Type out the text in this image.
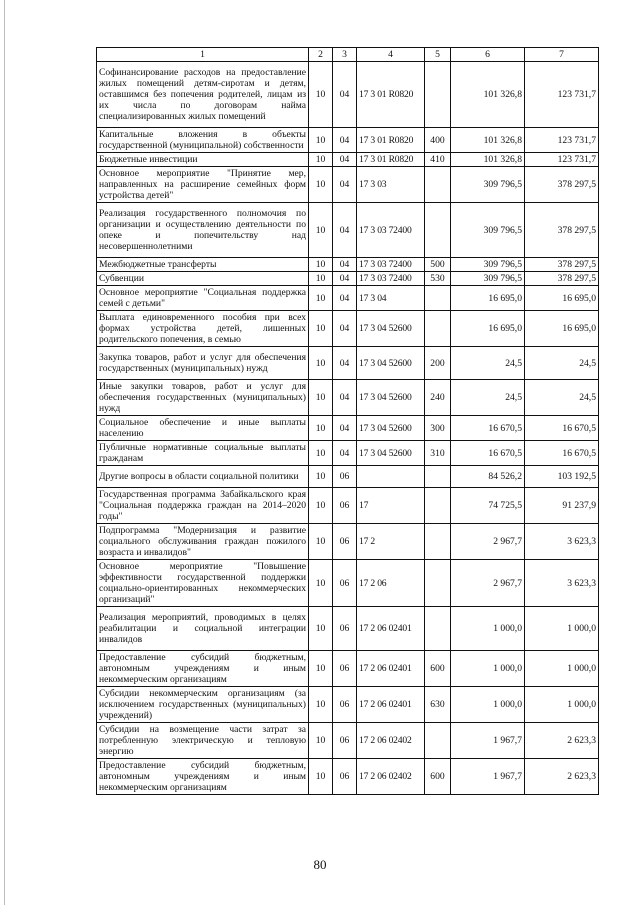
1	2	3	4	5	6	7
Софинансирование расходов на предоставление жилых помещений детям-сиротам и детям, оставшимся без попечения родителей, лицам из их числа по договорам найма специализированных жилых помещений	10	04	17 3 01 R0820		101 326,8	123 731,7
Капитальные вложения в объекты государственной (муниципальной) собственности	10	04	17 3 01 R0820	400	101 326,8	123 731,7
Бюджетные инвестиции	10	04	17 3 01 R0820	410	101 326,8	123 731,7
Основное мероприятие "Принятие мер, направленных на расширение семейных форм устройства детей"	10	04	17 3 03		309 796,5	378 297,5
Реализация государственного полномочия по организации и осуществлению деятельности по опеке и попечительству над несовершеннолетними	10	04	17 3 03 72400		309 796,5	378 297,5
Межбюджетные трансферты	10	04	17 3 03 72400	500	309 796,5	378 297,5
Субвенции	10	04	17 3 03 72400	530	309 796,5	378 297,5
Основное мероприятие "Социальная поддержка семей с детьми"	10	04	17 3 04		16 695,0	16 695,0
Выплата единовременного пособия при всех формах устройства детей, лишенных родительского попечения, в семью	10	04	17 3 04 52600		16 695,0	16 695,0
Закупка товаров, работ и услуг для обеспечения государственных (муниципальных) нужд	10	04	17 3 04 52600	200	24,5	24,5
Иные закупки товаров, работ и услуг для обеспечения государственных (муниципальных) нужд	10	04	17 3 04 52600	240	24,5	24,5
Социальное обеспечение и иные выплаты населению	10	04	17 3 04 52600	300	16 670,5	16 670,5
Публичные нормативные социальные выплаты гражданам	10	04	17 3 04 52600	310	16 670,5	16 670,5
Другие вопросы в области социальной политики	10	06			84 526,2	103 192,5
Государственная программа Забайкальского края "Социальная поддержка граждан на 2014–2020 годы"	10	06	17		74 725,5	91 237,9
Подпрограмма "Модернизация и развитие социального обслуживания граждан пожилого возраста и инвалидов"	10	06	17 2		2 967,7	3 623,3
Основное мероприятие "Повышение эффективности государственной поддержки социально-ориентированных некоммерческих организаций"	10	06	17 2 06		2 967,7	3 623,3
Реализация мероприятий, проводимых в целях реабилитации и социальной интеграции инвалидов	10	06	17 2 06 02401		1 000,0	1 000,0
Предоставление субсидий бюджетным, автономным учреждениям и иным некоммерческим организациям	10	06	17 2 06 02401	600	1 000,0	1 000,0
Субсидии некоммерческим организациям (за исключением государственных (муниципальных) учреждений)	10	06	17 2 06 02401	630	1 000,0	1 000,0
Субсидии на возмещение части затрат за потребленную электрическую и тепловую энергию	10	06	17 2 06 02402		1 967,7	2 623,3
Предоставление субсидий бюджетным, автономным учреждениям и иным некоммерческим организациям	10	06	17 2 06 02402	600	1 967,7	2 623,3
80
